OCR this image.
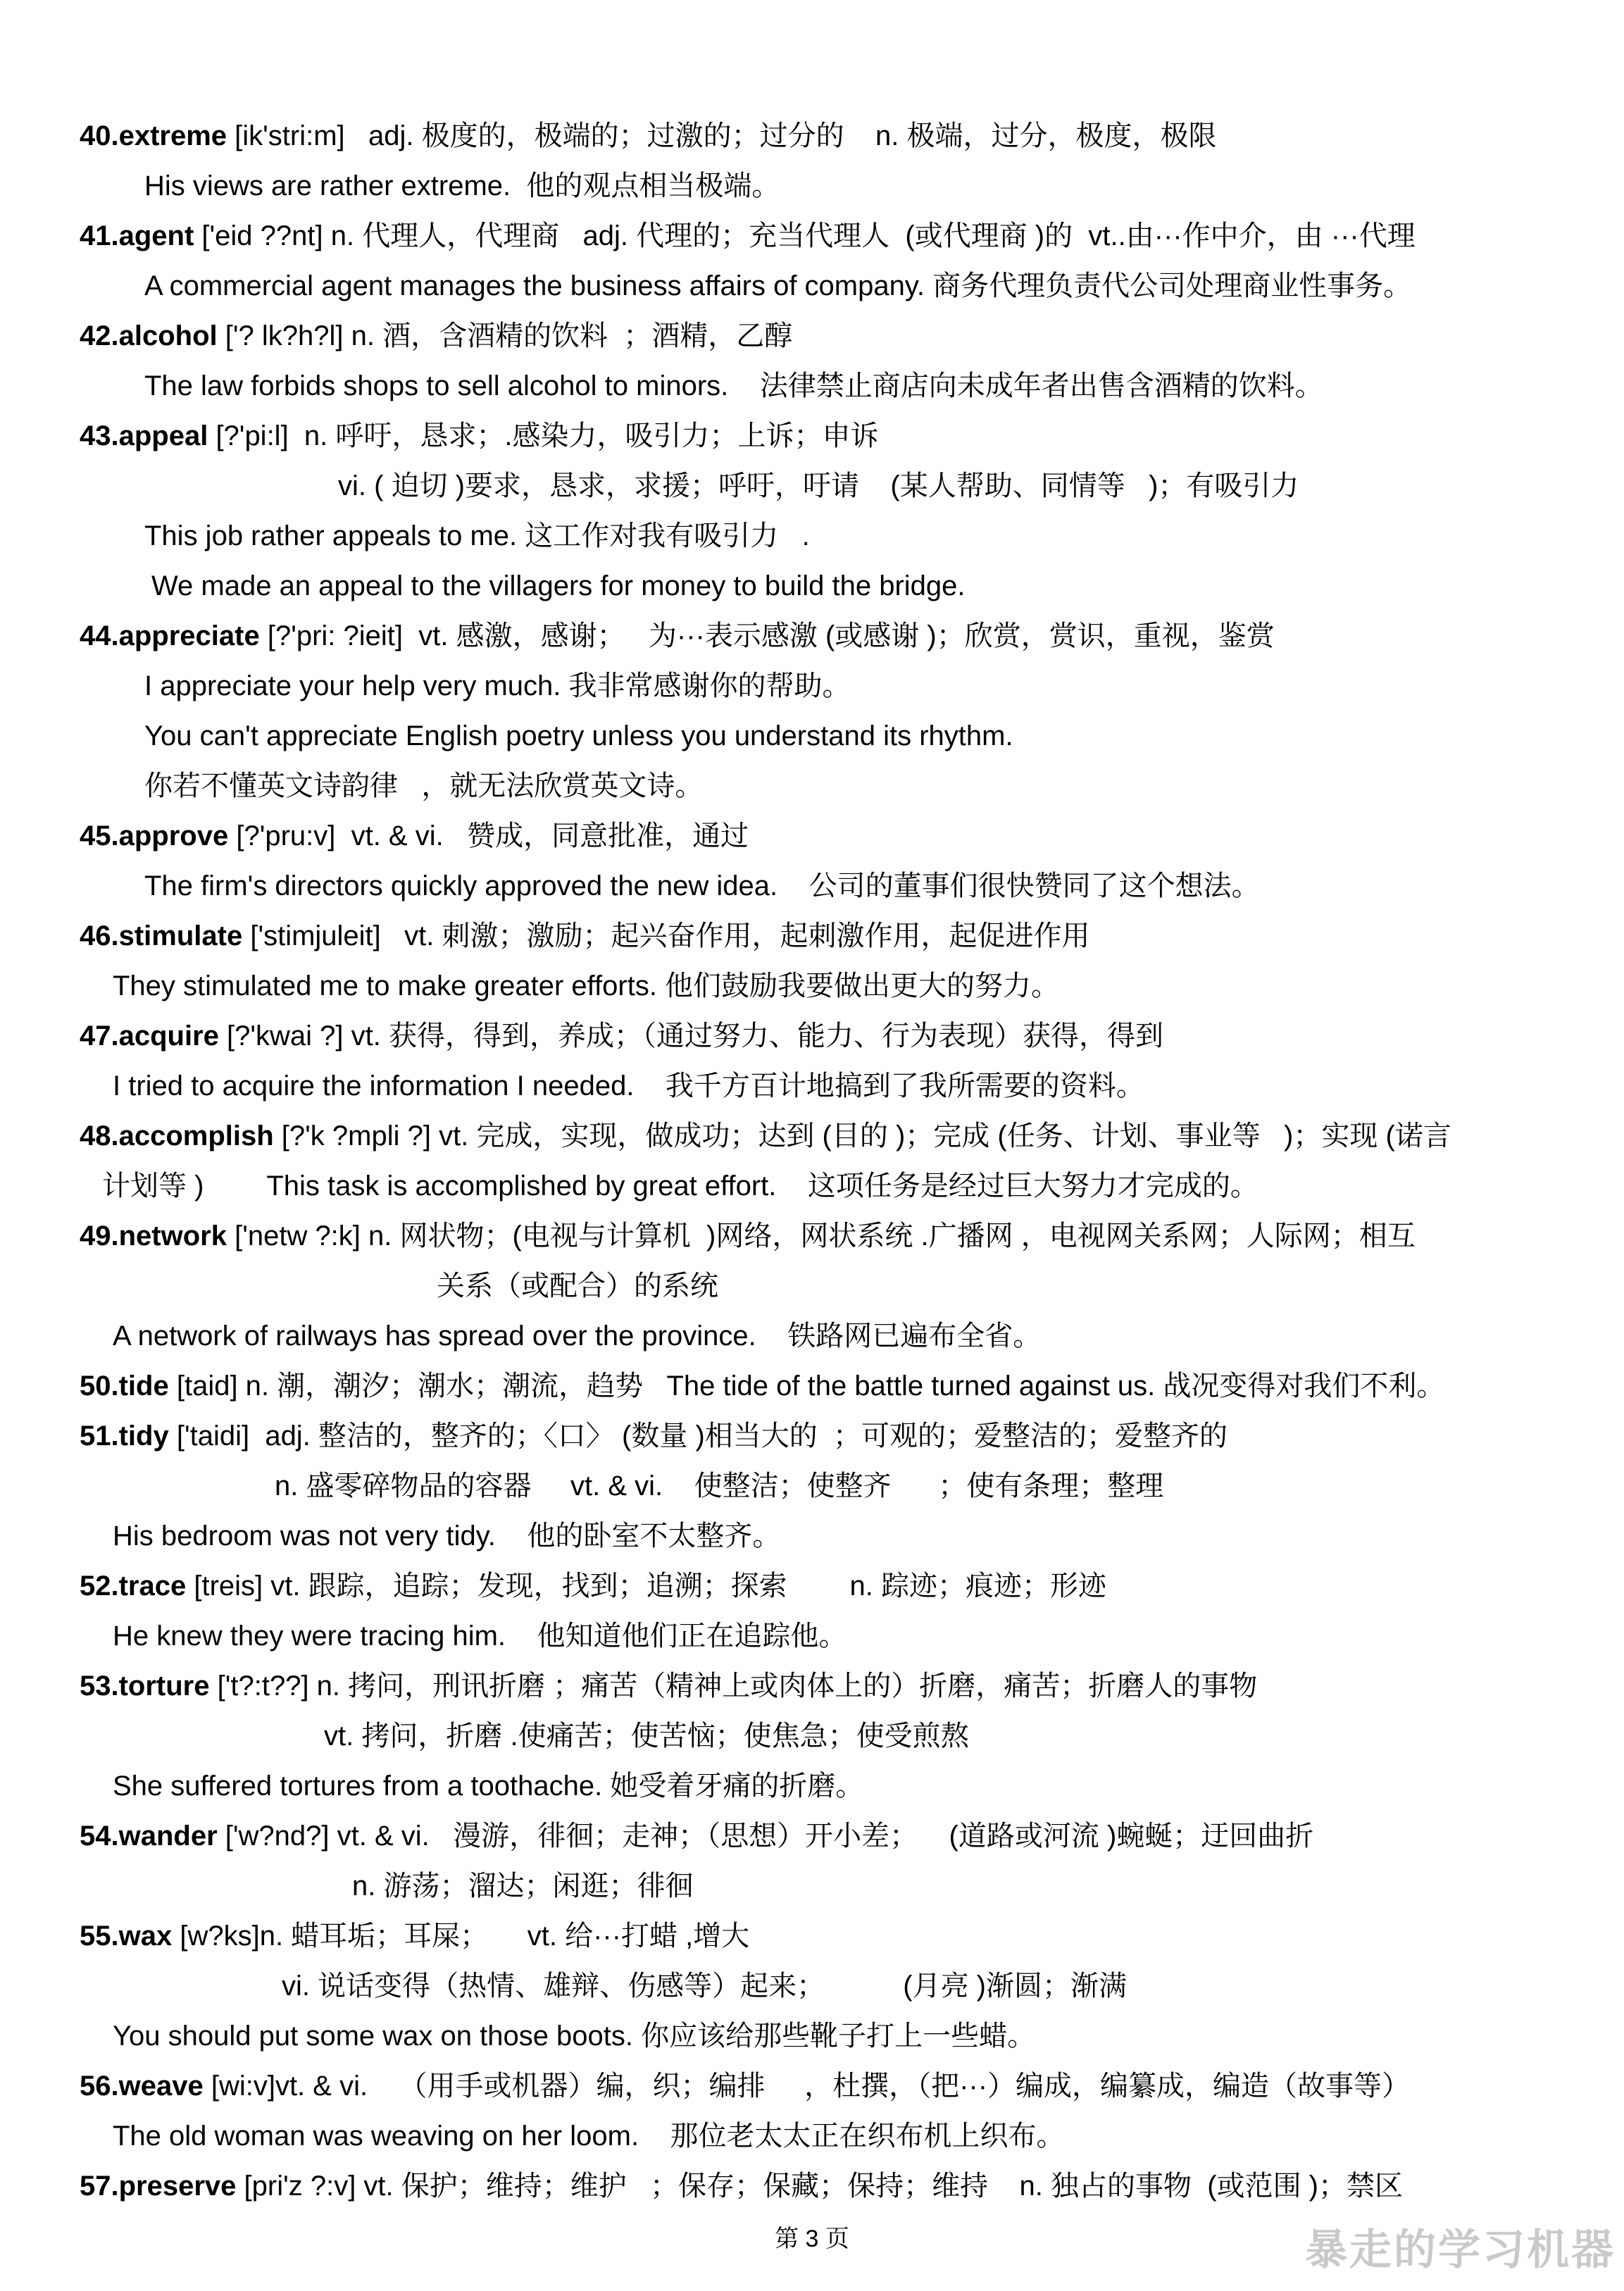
40.extreme [ik'stri:m]   adj. 极度的，极端的；过激的；过分的    n. 极端，过分，极度，极限
His views are rather extreme.  他的观点相当极端。
41.agent ['eid ??nt] n. 代理人，代理商   adj. 代理的；充当代理人  (或代理商 )的  vt..由···作中介，由 ···代理
A commercial agent manages the business affairs of company. 商务代理负责代公司处理商业性事务。
42.alcohol ['? lk?h?l] n. 酒，含酒精的饮料  ；酒精，乙醇
The law forbids shops to sell alcohol to minors.    法律禁止商店向未成年者出售含酒精的饮料。
43.appeal [?'pi:l]  n. 呼吁，恳求；.感染力，吸引力；上诉；申诉
vi. ( 迫切 )要求，恳求，求援；呼吁，吁请    (某人帮助、同情等   )；有吸引力
This job rather appeals to me. 这工作对我有吸引力   .
We made an appeal to the villagers for money to build the bridge.
44.appreciate [?'pri: ?ieit]  vt. 感激，感谢；   为···表示感激 (或感谢 )；欣赏，赏识，重视，鉴赏
I appreciate your help very much. 我非常感谢你的帮助。
You can't appreciate English poetry unless you understand its rhythm.
你若不懂英文诗韵律   ，就无法欣赏英文诗。
45.approve [?'pru:v]  vt. & vi.   赞成，同意批准，通过
The firm's directors quickly approved the new idea.    公司的董事们很快赞同了这个想法。
46.stimulate ['stimjuleit]   vt. 刺激；激励；起兴奋作用，起刺激作用，起促进作用
They stimulated me to make greater efforts. 他们鼓励我要做出更大的努力。
47.acquire [?'kwai ?] vt. 获得，得到，养成；（通过努力、能力、行为表现）获得，得到
I tried to acquire the information I needed.    我千方百计地搞到了我所需要的资料。
48.accomplish [?'k ?mpli ?] vt. 完成，实现，做成功；达到 (目的 )；完成 (任务、计划、事业等   )；实现 (诺言
计划等 )        This task is accomplished by great effort.    这项任务是经过巨大努力才完成的。
49.network ['netw ?:k] n. 网状物；(电视与计算机  )网络，网状系统 .广播网 ，电视网关系网；人际网；相互
关系（或配合）的系统
A network of railways has spread over the province.    铁路网已遍布全省。
50.tide [taid] n. 潮，潮汐；潮水；潮流，趋势   The tide of the battle turned against us. 战况变得对我们不利。
51.tidy ['taidi]  adj. 整洁的，整齐的；〈口〉 (数量 )相当大的  ；可观的；爱整洁的；爱整齐的
n. 盛零碎物品的容器     vt. & vi.    使整洁；使整齐      ；使有条理；整理
His bedroom was not very tidy.    他的卧室不太整齐。
52.trace [treis] vt. 跟踪，追踪；发现，找到；追溯；探索        n. 踪迹；痕迹；形迹
He knew they were tracing him.    他知道他们正在追踪他。
53.torture ['t?:t??] n. 拷问，刑讯折磨 ；痛苦（精神上或肉体上的）折磨，痛苦；折磨人的事物
vt. 拷问，折磨 .使痛苦；使苦恼；使焦急；使受煎熬
She suffered tortures from a toothache. 她受着牙痛的折磨。
54.wander ['w?nd?] vt. & vi.   漫游，徘徊；走神；（思想）开小差；    (道路或河流 )蜿蜒；迂回曲折
n. 游荡；溜达；闲逛；徘徊
55.wax [w?ks]n. 蜡耳垢；耳屎；     vt. 给···打蜡 ,增大
vi. 说话变得（热情、雄辩、伤感等）起来；          (月亮 )渐圆；渐满
You should put some wax on those boots. 你应该给那些靴子打上一些蜡。
56.weave [wi:v]vt. & vi.    （用手或机器）编，织；编排     ，杜撰，（把···）编成，编纂成，编造（故事等）
The old woman was weaving on her loom.    那位老太太正在织布机上织布。
57.preserve [pri'z ?:v] vt. 保护；维持；维护   ；保存；保藏；保持；维持    n. 独占的事物  (或范围 )；禁区
第 3 页	暴走的学习机器
